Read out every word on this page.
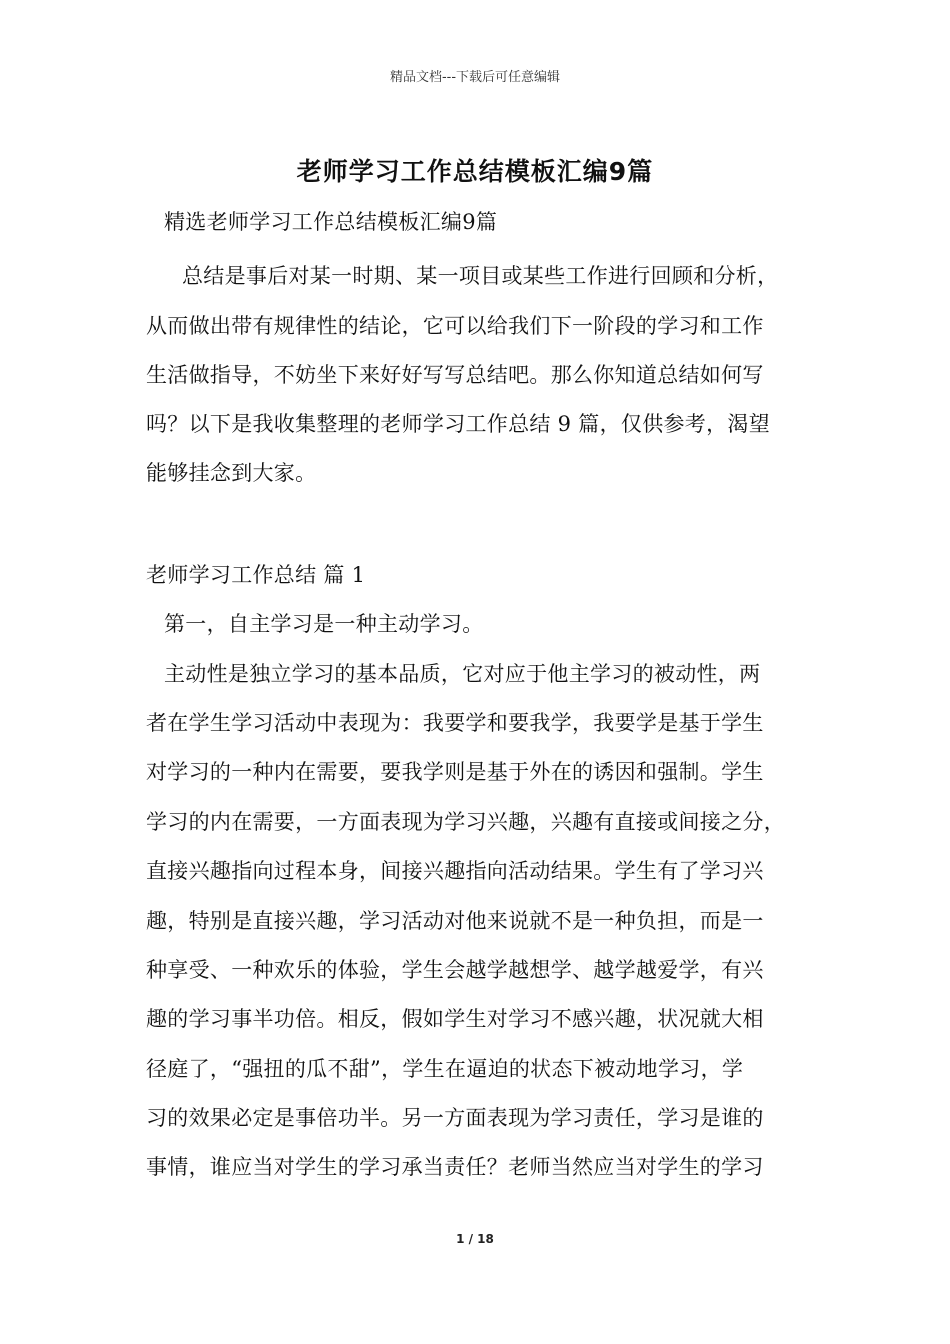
精品文档---下载后可任意编辑
老师学习工作总结模板汇编9篇
精选老师学习工作总结模板汇编9篇
总结是事后对某一时期、某一项目或某些工作进行回顾和分析，
从而做出带有规律性的结论，它可以给我们下一阶段的学习和工作
生活做指导，不妨坐下来好好写写总结吧。那么你知道总结如何写
吗？以下是我收集整理的老师学习工作总结 9 篇，仅供参考，渴望
能够挂念到大家。
老师学习工作总结 篇 1
第一，自主学习是一种主动学习。
主动性是独立学习的基本品质，它对应于他主学习的被动性，两
者在学生学习活动中表现为：我要学和要我学，我要学是基于学生
对学习的一种内在需要，要我学则是基于外在的诱因和强制。学生
学习的内在需要，一方面表现为学习兴趣，兴趣有直接或间接之分，
直接兴趣指向过程本身，间接兴趣指向活动结果。学生有了学习兴
趣，特别是直接兴趣，学习活动对他来说就不是一种负担，而是一
种享受、一种欢乐的体验，学生会越学越想学、越学越爱学，有兴
趣的学习事半功倍。相反，假如学生对学习不感兴趣，状况就大相
径庭了，“强扭的瓜不甜”，学生在逼迫的状态下被动地学习，学
习的效果必定是事倍功半。另一方面表现为学习责任，学习是谁的
事情，谁应当对学生的学习承当责任？老师当然应当对学生的学习
1 / 18
